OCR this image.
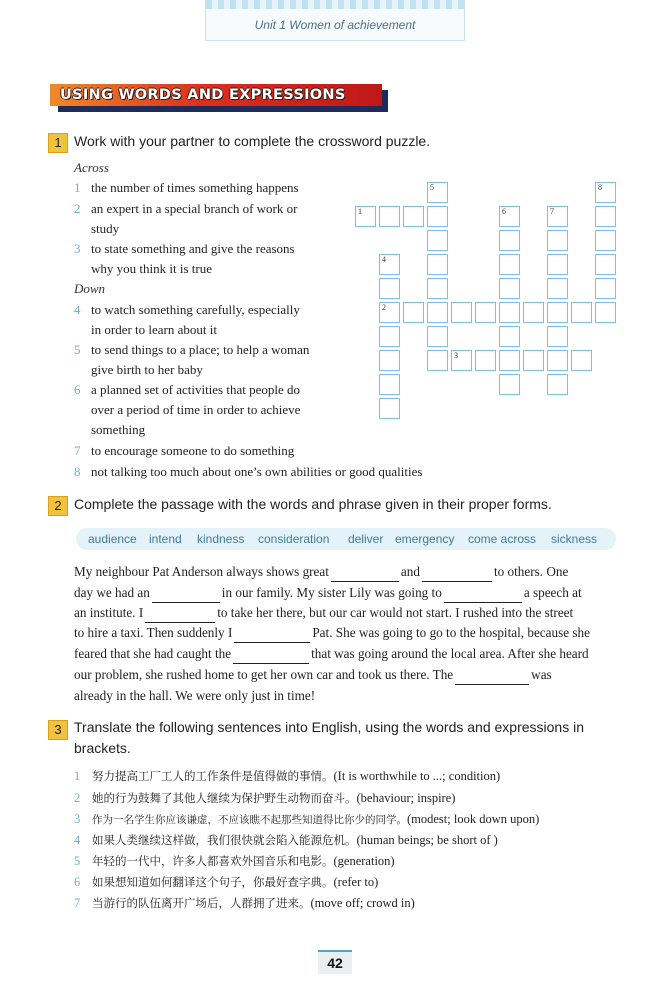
Unit 1 Women of achievement
USING WORDS AND EXPRESSIONS
1 Work with your partner to complete the crossword puzzle.
Across
1 the number of times something happens
2 an expert in a special branch of work or
study
3 to state something and give the reasons
why you think it is true
Down
4 to watch something carefully, especially
in order to learn about it
5 to send things to a place; to help a woman
give birth to her baby
6 a planned set of activities that people do
over a period of time in order to achieve
something
7 to encourage someone to do something
8 not talking too much about one’s own abilities or good qualities
1
5
4
2
6	7
8
3
2 Complete the passage with the words and phrase given in their proper forms.
audience intend kindness consideration deliver emergency come across sickness
My neighbour Pat Anderson always shows great	and	to others. One
day we had an	in our family. My sister Lily was going to	a speech at
an institute. I	to take her there, but our car would not start. I rushed into the street
to hire a taxi. Then suddenly I	Pat. She was going to go to the hospital, because she
feared that she had caught the	that was going around the local area. After she heard
our problem, she rushed home to get her own car and took us there. The	was
already in the hall. We were only just in time!
3 Translate the following sentences into English, using the words and expressions in
brackets.
1 努力提高工厂工人的工作条件是值得做的事情。(It is worthwhile to ...; condition)
2 她的行为鼓舞了其他人继续为保护野生动物而奋斗。(behaviour; inspire)
3 作为一名学生你应该谦虚，不应该瞧不起那些知道得比你少的同学。(modest; look down upon)
4 如果人类继续这样做，我们很快就会陷入能源危机。(human beings; be short of )
5 年轻的一代中，许多人都喜欢外国音乐和电影。(generation)
6 如果想知道如何翻译这个句子，你最好查字典。(refer to)
7 当游行的队伍离开广场后，人群拥了进来。(move off; crowd in)
42
